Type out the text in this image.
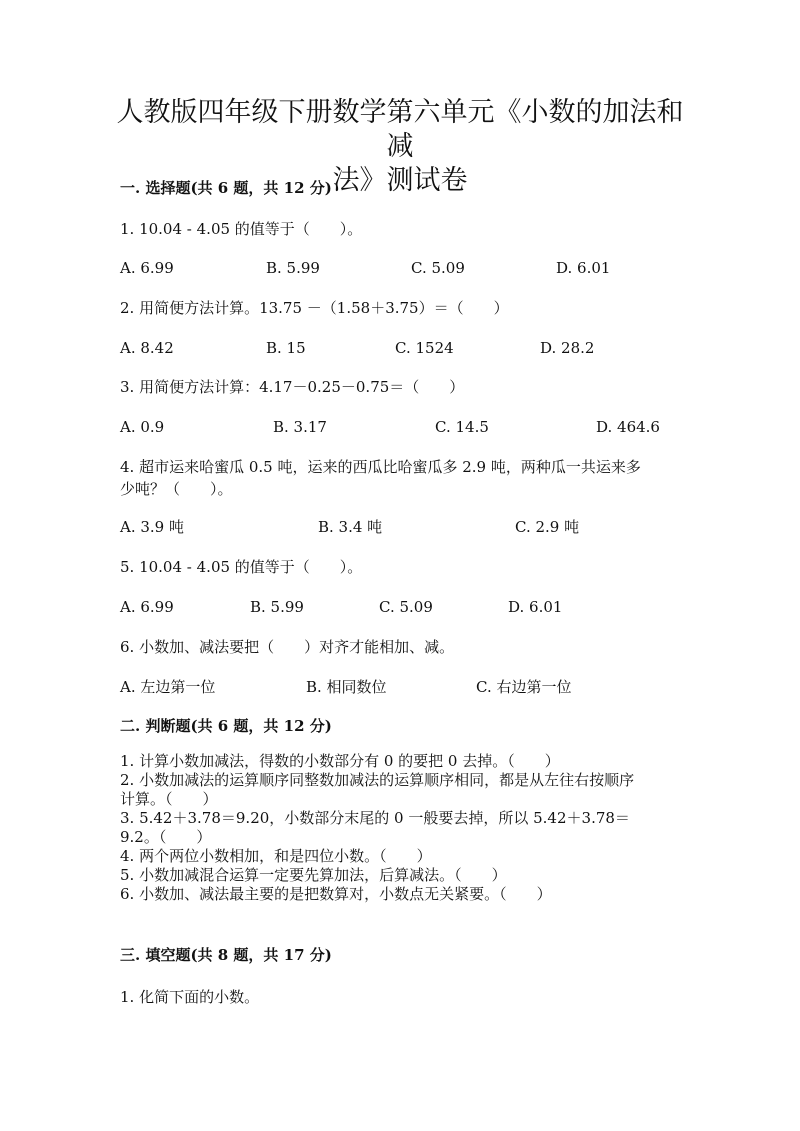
人教版四年级下册数学第六单元《小数的加法和减
法》测试卷
一. 选择题(共 6 题，共 12 分)
1. 10.04 - 4.05 的值等于（　　）。
A. 6.99	B. 5.99	C. 5.09	D. 6.01
2. 用简便方法计算。13.75 －（1.58＋3.75）＝（　　）
A. 8.42	B. 15	C. 1524	D. 28.2
3. 用简便方法计算：4.17－0.25－0.75＝（　　）
A. 0.9	B. 3.17	C. 14.5	D. 464.6
4. 超市运来哈蜜瓜 0.5 吨，运来的西瓜比哈蜜瓜多 2.9 吨，两种瓜一共运来多
少吨？（　　）。
A. 3.9 吨	B. 3.4 吨	C. 2.9 吨
5. 10.04 - 4.05 的值等于（　　）。
A. 6.99	B. 5.99	C. 5.09	D. 6.01
6. 小数加、减法要把（　　）对齐才能相加、减。
A. 左边第一位	B. 相同数位	C. 右边第一位
二. 判断题(共 6 题，共 12 分)
1. 计算小数加减法，得数的小数部分有 0 的要把 0 去掉。（　　）
2. 小数加减法的运算顺序同整数加减法的运算顺序相同，都是从左往右按顺序
计算。（　　）
3. 5.42＋3.78＝9.20，小数部分末尾的 0 一般要去掉，所以 5.42＋3.78＝
9.2。（　　）
4. 两个两位小数相加，和是四位小数。（　　）
5. 小数加减混合运算一定要先算加法，后算减法。（　　）
6. 小数加、减法最主要的是把数算对，小数点无关紧要。（　　）
三. 填空题(共 8 题，共 17 分)
1. 化简下面的小数。
